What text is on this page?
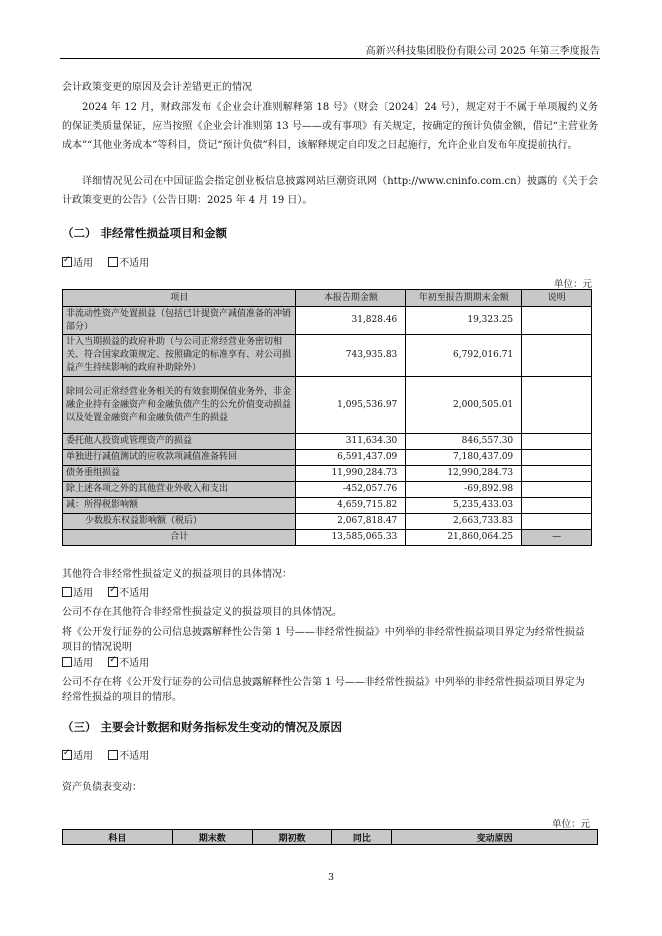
高新兴科技集团股份有限公司 2025 年第三季度报告
会计政策变更的原因及会计差错更正的情况
2024 年 12 月，财政部发布《企业会计准则解释第 18 号》（财会〔2024〕24 号），规定对于不属于单项履约义务的保证类质量保证，应当按照《企业会计准则第 13 号——或有事项》有关规定，按确定的预计负债金额，借记“主营业务成本”“其他业务成本”等科目，贷记“预计负债”科目，该解释规定自印发之日起施行，允许企业自发布年度提前执行。
详细情况见公司在中国证监会指定创业板信息披露网站巨潮资讯网（http://www.cninfo.com.cn）披露的《关于会计政策变更的公告》（公告日期：2025 年 4 月 19 日）。
（二） 非经常性损益项目和金额
✓适用	不适用
单位：元
项目	本报告期金额	年初至报告期期末金额	说明
非流动性资产处置损益（包括已计提资产减值准备的冲销部分）	31,828.46	19,323.25	
计入当期损益的政府补助（与公司正常经营业务密切相关、符合国家政策规定、按照确定的标准享有、对公司损益产生持续影响的政府补助除外）	743,935.83	6,792,016.71	
除同公司正常经营业务相关的有效套期保值业务外，非金融企业持有金融资产和金融负债产生的公允价值变动损益以及处置金融资产和金融负债产生的损益	1,095,536.97	2,000,505.01	
委托他人投资或管理资产的损益	311,634.30	846,557.30	
单独进行减值测试的应收款项减值准备转回	6,591,437.09	7,180,437.09	
债务重组损益	11,990,284.73	12,990,284.73	
除上述各项之外的其他营业外收入和支出	-452,057.76	-69,892.98	
减：所得税影响额	4,659,715.82	5,235,433.03	
少数股东权益影响额（税后）	2,067,818.47	2,663,733.83	
合计	13,585,065.33	21,860,064.25	—
其他符合非经常性损益定义的损益项目的具体情况：
适用 ✓	不适用
公司不存在其他符合非经常性损益定义的损益项目的具体情况。
将《公开发行证券的公司信息披露解释性公告第 1 号——非经常性损益》中列举的非经常性损益项目界定为经常性损益项目的情况说明
适用 ✓	不适用
公司不存在将《公开发行证券的公司信息披露解释性公告第 1 号——非经常性损益》中列举的非经常性损益项目界定为经常性损益的项目的情形。
（三） 主要会计数据和财务指标发生变动的情况及原因
✓适用	不适用
资产负债表变动：
单位：元
科目	期末数	期初数	同比	变动原因
3
